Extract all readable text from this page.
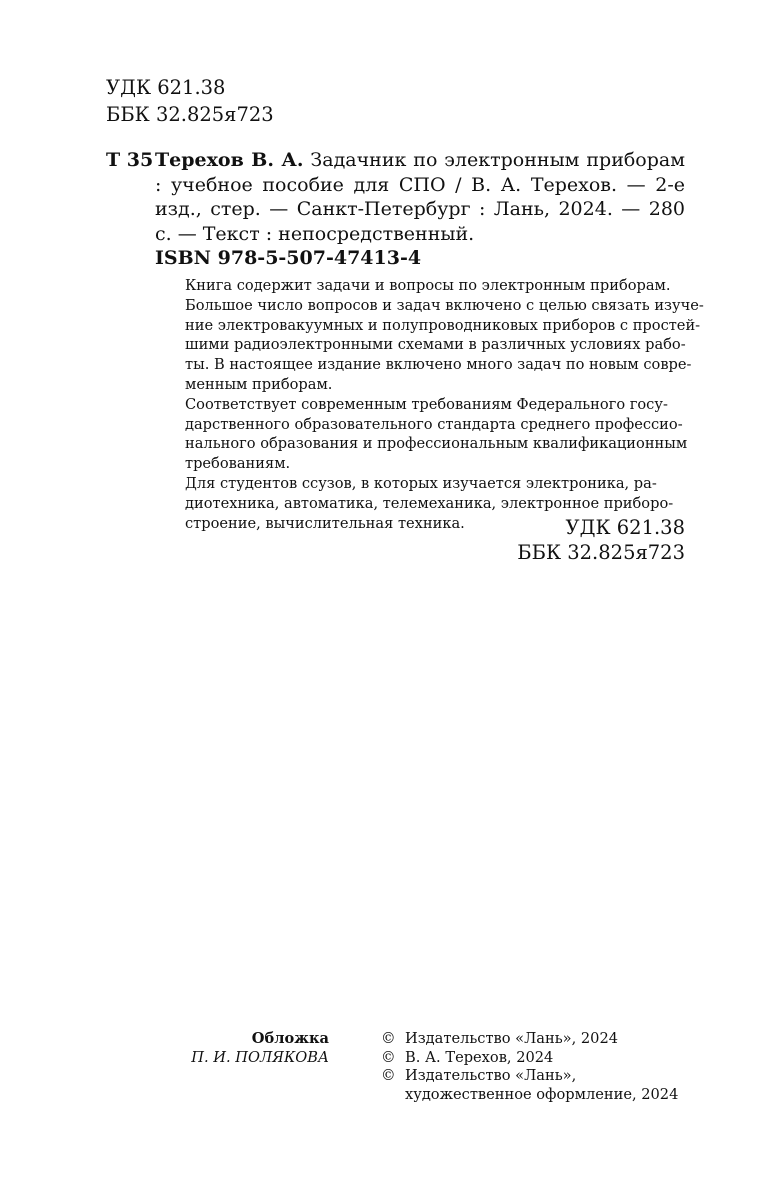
УДК 621.38
ББК 32.825я723
Т 35 Терехов В. А. Задачник по электронным приборам : учебное пособие для СПО / В. А. Терехов. — 2-е изд., стер. — Санкт-Петербург : Лань, 2024. — 280 с. — Текст : непосредственный.
ISBN 978-5-507-47413-4

Книга содержит задачи и вопросы по электронным приборам.
Большое число вопросов и задач включено с целью связать изуче-
ние электровакуумных и полупроводниковых приборов с простей-
шими радиоэлектронными схемами в различных условиях рабо-
ты. В настоящее издание включено много задач по новым совре-
менным приборам.

Соответствует современным требованиям Федерального госу-
дарственного образовательного стандарта среднего профессио-
нального образования и профессиональным квалификационным
требованиям.

Для студентов ссузов, в которых изучается электроника, ра-
диотехника, автоматика, телемеханика, электронное приборо-
строение, вычислительная техника.	УДК 621.38
ББК 32.825я723
Обложка
П. И. ПОЛЯКОВА
© Издательство «Лань», 2024
© В. А. Терехов, 2024
© Издательство «Лань»,
художественное оформление, 2024
